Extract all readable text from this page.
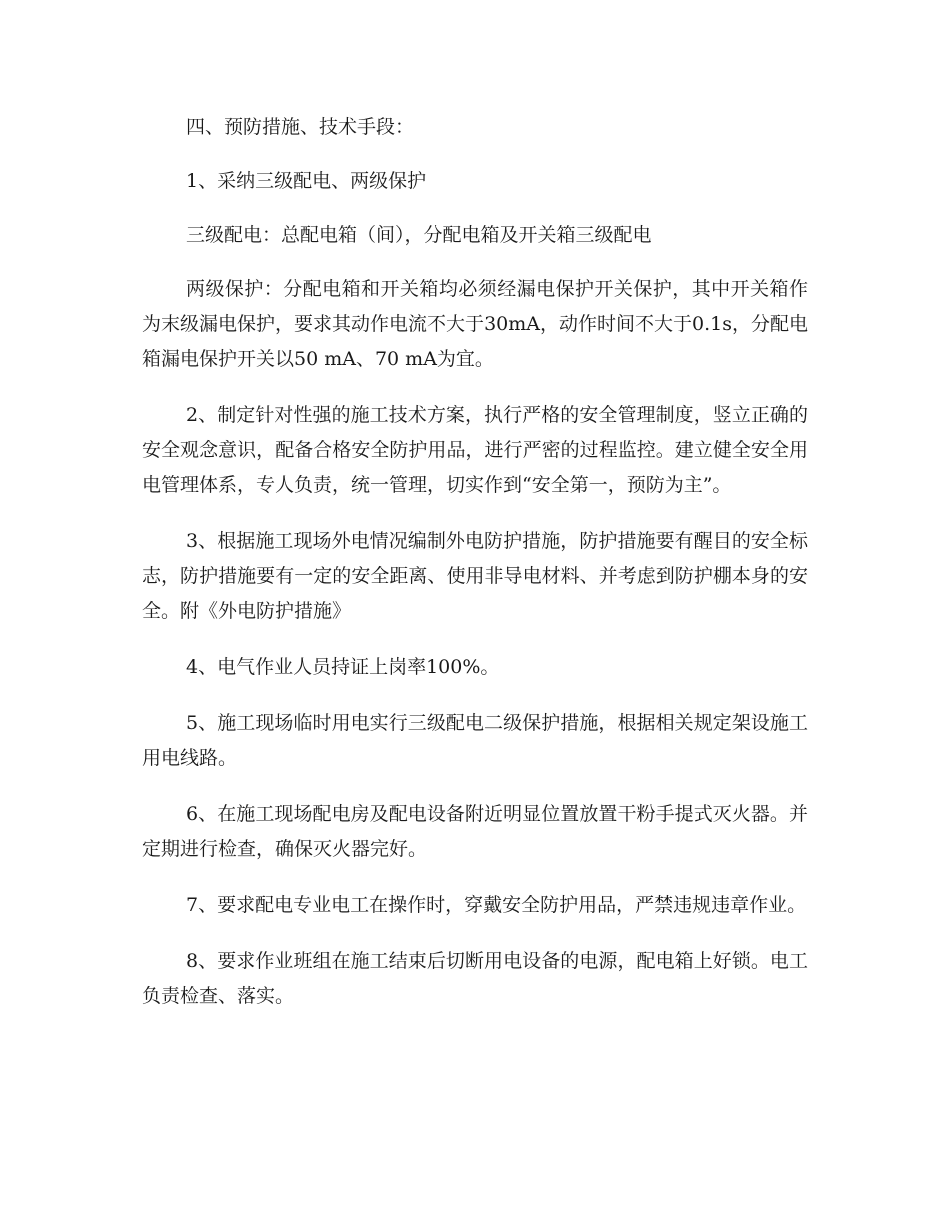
四、预防措施、技术手段：

1、采纳三级配电、两级保护

三级配电：总配电箱（间），分配电箱及开关箱三级配电

两级保护：分配电箱和开关箱均必须经漏电保护开关保护，其中开关箱作为末级漏电保护，要求其动作电流不大于30mA，动作时间不大于0.1s，分配电箱漏电保护开关以50 mA、70 mA为宜。

2、制定针对性强的施工技术方案，执行严格的安全管理制度，竖立正确的安全观念意识，配备合格安全防护用品，进行严密的过程监控。建立健全安全用电管理体系，专人负责，统一管理，切实作到“安全第一，预防为主”。

3、根据施工现场外电情况编制外电防护措施，防护措施要有醒目的安全标志，防护措施要有一定的安全距离、使用非导电材料、并考虑到防护棚本身的安全。附《外电防护措施》

4、电气作业人员持证上岗率100%。

5、施工现场临时用电实行三级配电二级保护措施，根据相关规定架设施工用电线路。

6、在施工现场配电房及配电设备附近明显位置放置干粉手提式灭火器。并定期进行检查，确保灭火器完好。

7、要求配电专业电工在操作时，穿戴安全防护用品，严禁违规违章作业。

8、要求作业班组在施工结束后切断用电设备的电源，配电箱上好锁。电工负责检查、落实。
